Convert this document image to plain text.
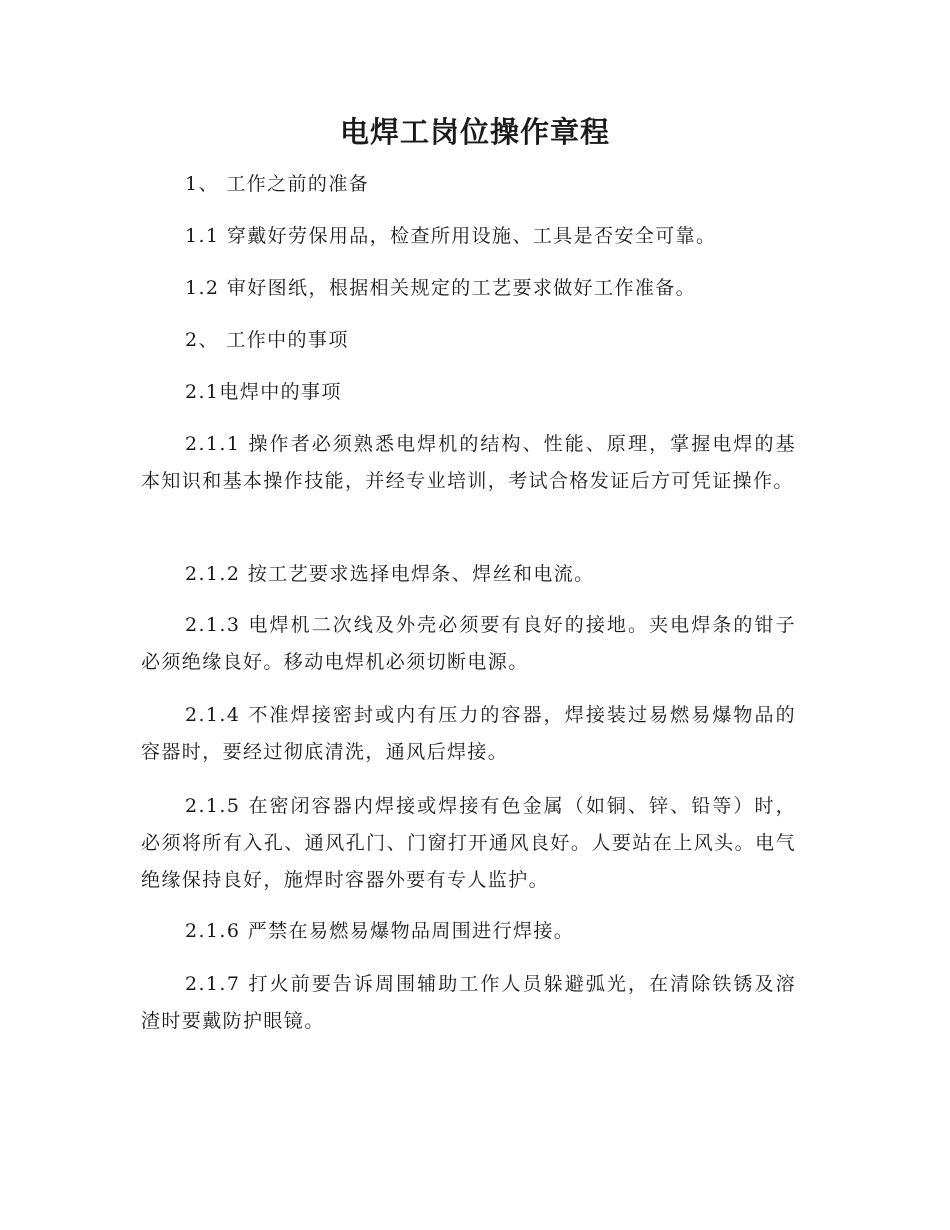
电焊工岗位操作章程

1、 工作之前的准备

1.1 穿戴好劳保用品，检查所用设施、工具是否安全可靠。

1.2 审好图纸，根据相关规定的工艺要求做好工作准备。

2、 工作中的事项

2.1电焊中的事项

2.1.1 操作者必须熟悉电焊机的结构、性能、原理，掌握电焊的基本知识和基本操作技能，并经专业培训，考试合格发证后方可凭证操作。

2.1.2 按工艺要求选择电焊条、焊丝和电流。

2.1.3 电焊机二次线及外壳必须要有良好的接地。夹电焊条的钳子必须绝缘良好。移动电焊机必须切断电源。

2.1.4 不准焊接密封或内有压力的容器，焊接装过易燃易爆物品的容器时，要经过彻底清洗，通风后焊接。

2.1.5 在密闭容器内焊接或焊接有色金属（如铜、锌、铅等）时，必须将所有入孔、通风孔门、门窗打开通风良好。人要站在上风头。电气绝缘保持良好，施焊时容器外要有专人监护。

2.1.6 严禁在易燃易爆物品周围进行焊接。

2.1.7 打火前要告诉周围辅助工作人员躲避弧光，在清除铁锈及溶渣时要戴防护眼镜。
